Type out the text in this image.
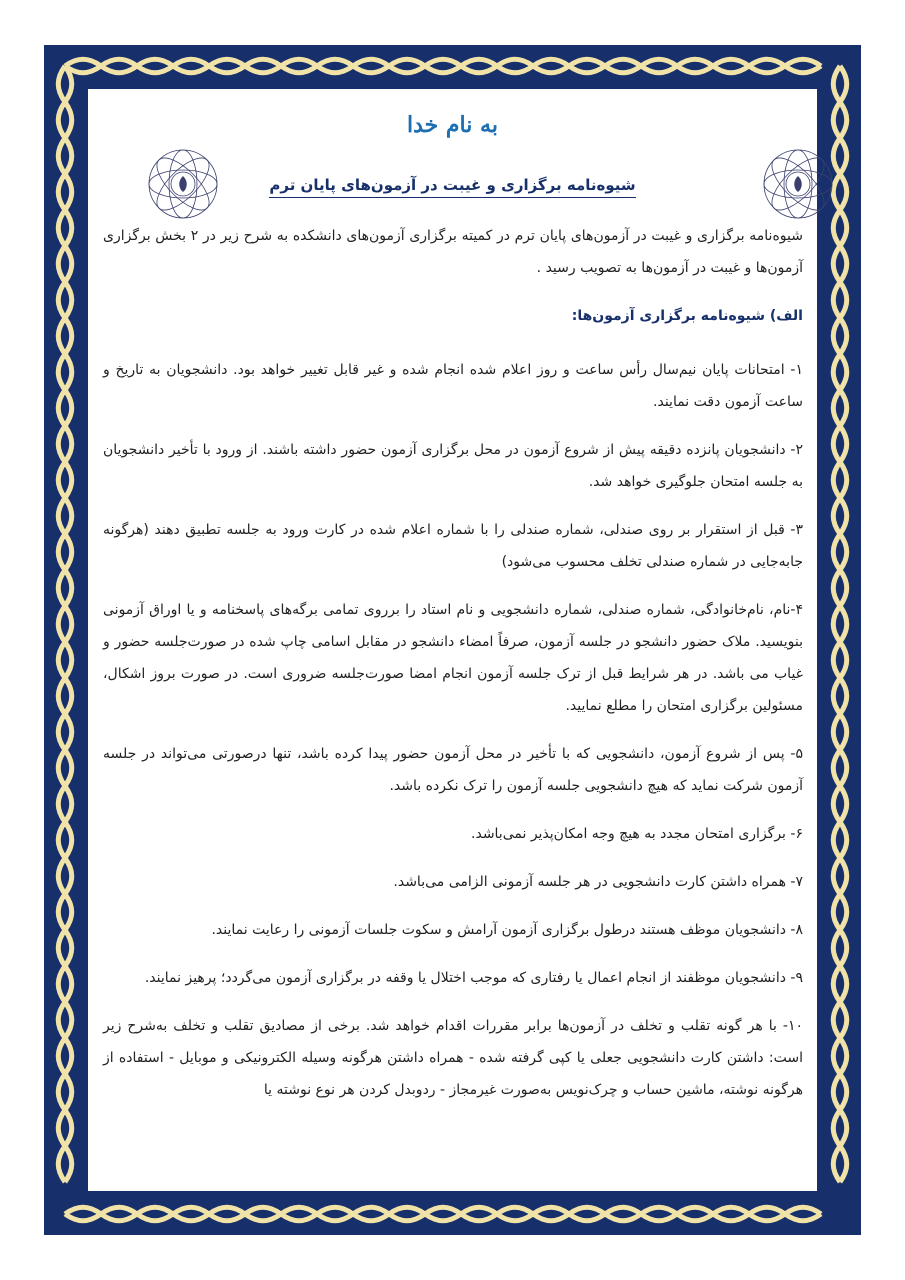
به نام خدا
شیوه‌نامه برگزاری و غیبت در آزمون‌های پایان ترم

شیوه‌نامه برگزاری و غیبت در آزمون‌های پایان ترم در کمیته برگزاری آزمون‌های دانشکده به شرح زیر در ۲ بخش برگزاری آزمون‌ها و غیبت در آزمون‌ها به تصویب رسید .

الف) شیوه‌نامه برگزاری آزمون‌ها:

۱- امتحانات پایان نیم‌سال رأس ساعت و روز اعلام شده انجام شده و غیر قابل تغییر خواهد بود. دانشجویان به تاریخ و ساعت آزمون دقت نمایند.

۲- دانشجویان پانزده دقیقه پیش از شروع آزمون در محل برگزاری آزمون حضور داشته باشند. از ورود با تأخیر دانشجویان به جلسه امتحان جلوگیری خواهد شد.

۳- قبل از استقرار بر روی صندلی، شماره صندلی را با شماره اعلام شده در کارت ورود به جلسه تطبیق دهند (هرگونه جابه‌جایی در شماره صندلی تخلف محسوب می‌شود)

۴-نام، نام‌خانوادگی، شماره صندلی، شماره دانشجویی و نام استاد را برروی تمامی برگه‌های پاسخنامه و یا اوراق آزمونی بنویسید. ملاک حضور دانشجو در جلسه آزمون، صرفاً امضاء دانشجو در مقابل اسامی چاپ شده در صورت‌جلسه حضور و غیاب می باشد. در هر شرایط قبل از ترک جلسه آزمون انجام امضا صورت‌جلسه ضروری است. در صورت بروز اشکال، مسئولین برگزاری امتحان را مطلع نمایید.

۵- پس از شروع آزمون، دانشجویی که با تأخیر در محل آزمون حضور پیدا کرده باشد، تنها درصورتی می‌تواند در جلسه آزمون شرکت نماید که هیچ دانشجویی جلسه آزمون را ترک نکرده باشد.

۶- برگزاری امتحان مجدد به هیچ وجه امکان‌پذیر نمی‌باشد.

۷- همراه داشتن کارت دانشجویی در هر جلسه آزمونی الزامی می‌باشد.

۸- دانشجویان موظف هستند درطول برگزاری آزمون آرامش و سکوت جلسات آزمونی را رعایت نمایند.

۹- دانشجویان موظفند از انجام اعمال یا رفتاری که موجب اختلال یا وقفه در برگزاری آزمون می‌گردد؛ پرهیز نمایند.

۱۰- با هر گونه تقلب و تخلف در آزمون‌ها برابر مقررات اقدام خواهد شد. برخی از مصادیق تقلب و تخلف به‌شرح زیر است: داشتن کارت دانشجویی جعلی یا کپی گرفته شده - همراه داشتن هرگونه وسیله الکترونیکی و موبایل - استفاده از هرگونه نوشته، ماشین حساب و چرک‌نویس به‌صورت غیرمجاز - ردوبدل کردن هر نوع نوشته یا
